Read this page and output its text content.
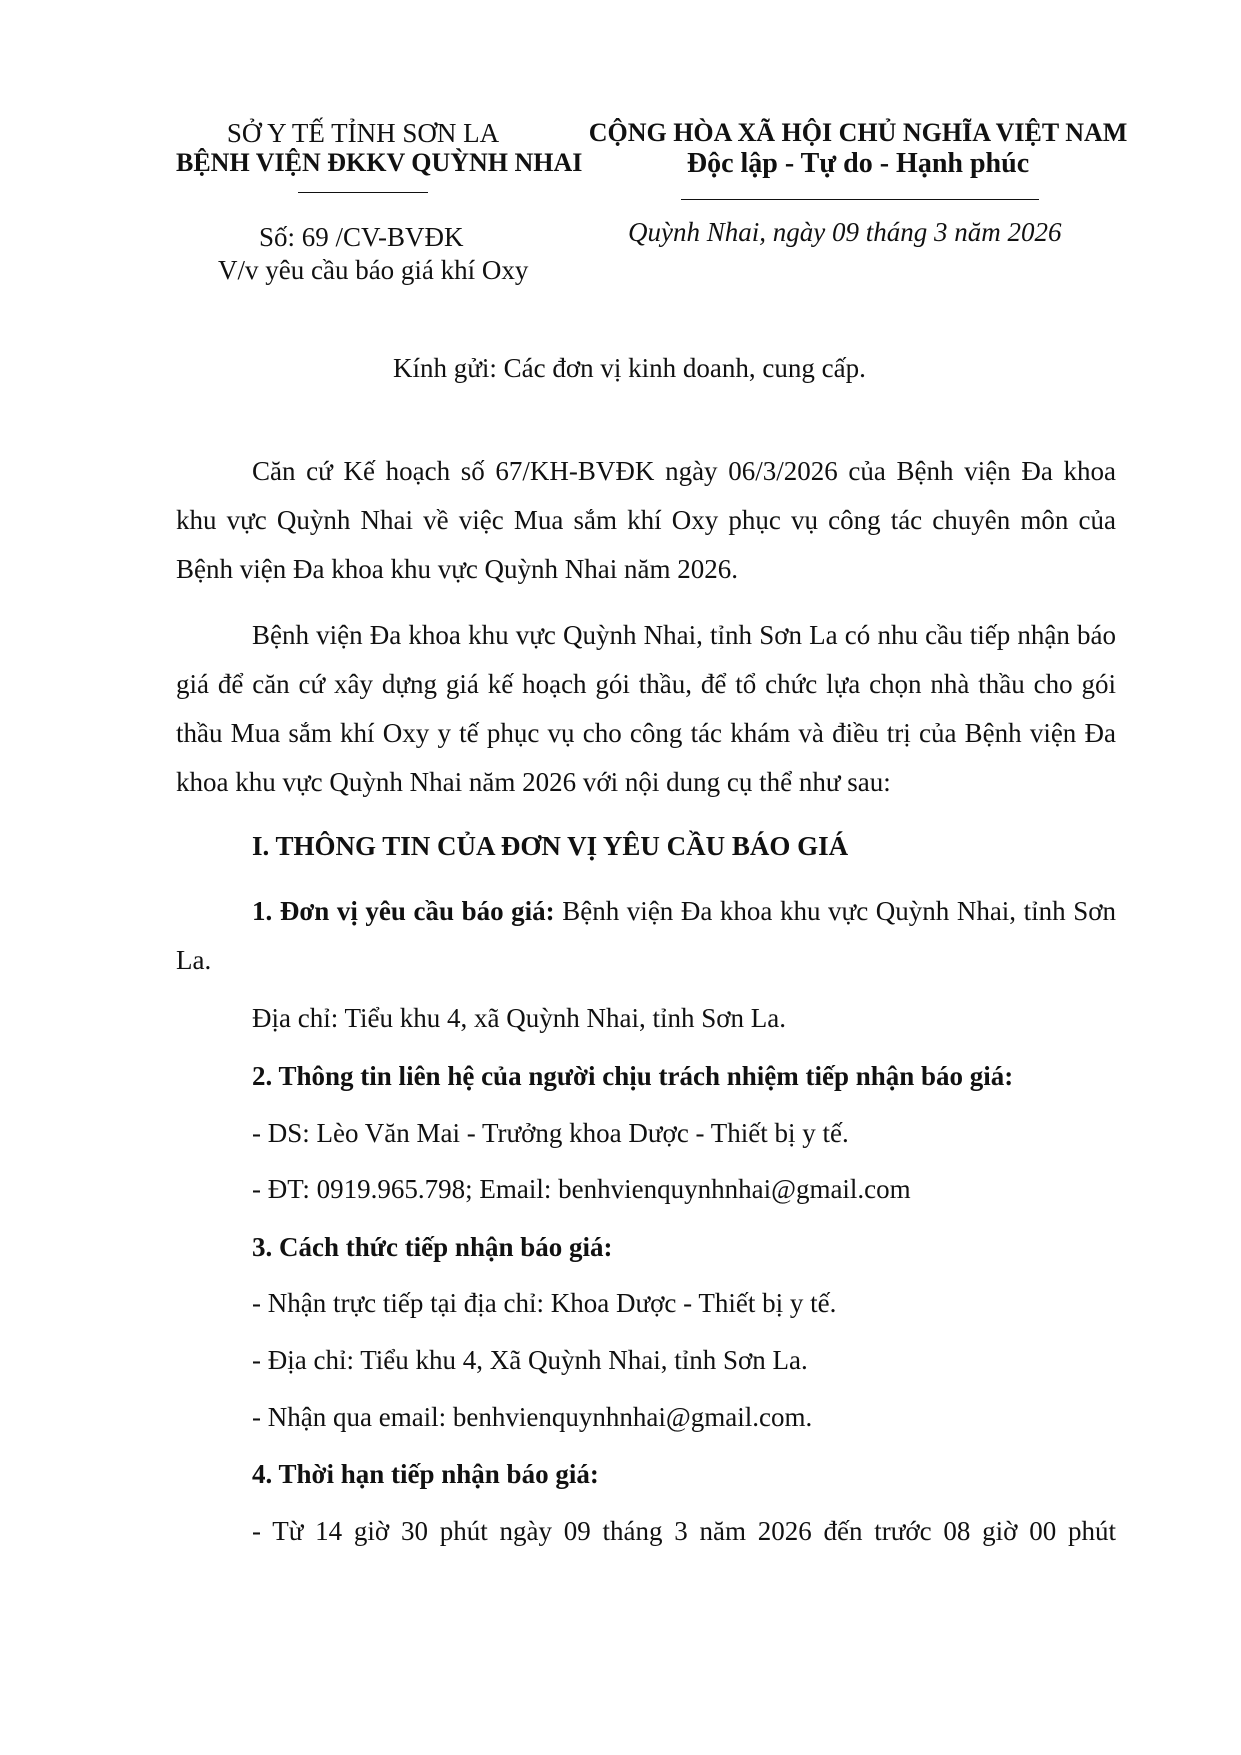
SỞ Y TẾ TỈNH SƠN LA
BỆNH VIỆN ĐKKV QUỲNH NHAI
Số: 69 /CV-BVĐK
V/v yêu cầu báo giá khí Oxy
CỘNG HÒA XÃ HỘI CHỦ NGHĨA VIỆT NAM
Độc lập - Tự do - Hạnh phúc
Quỳnh Nhai, ngày 09 tháng 3 năm 2026
Kính gửi: Các đơn vị kinh doanh, cung cấp.
Căn cứ Kế hoạch số 67/KH-BVĐK ngày 06/3/2026 của Bệnh viện Đa khoa khu vực Quỳnh Nhai về việc Mua sắm khí Oxy phục vụ công tác chuyên môn của Bệnh viện Đa khoa khu vực Quỳnh Nhai năm 2026.
Bệnh viện Đa khoa khu vực Quỳnh Nhai, tỉnh Sơn La có nhu cầu tiếp nhận báo giá để căn cứ xây dựng giá kế hoạch gói thầu, để tổ chức lựa chọn nhà thầu cho gói thầu Mua sắm khí Oxy y tế phục vụ cho công tác khám và điều trị của Bệnh viện Đa khoa khu vực Quỳnh Nhai năm 2026 với nội dung cụ thể như sau:
I. THÔNG TIN CỦA ĐƠN VỊ YÊU CẦU BÁO GIÁ
1. Đơn vị yêu cầu báo giá: Bệnh viện Đa khoa khu vực Quỳnh Nhai, tỉnh Sơn La.
Địa chỉ: Tiểu khu 4, xã Quỳnh Nhai, tỉnh Sơn La.
2. Thông tin liên hệ của người chịu trách nhiệm tiếp nhận báo giá:
- DS: Lèo Văn Mai - Trưởng khoa Dược - Thiết bị y tế.
- ĐT: 0919.965.798; Email: benhvienquynhnhai@gmail.com
3. Cách thức tiếp nhận báo giá:
- Nhận trực tiếp tại địa chỉ: Khoa Dược - Thiết bị y tế.
- Địa chỉ: Tiểu khu 4, Xã Quỳnh Nhai, tỉnh Sơn La.
- Nhận qua email: benhvienquynhnhai@gmail.com.
4. Thời hạn tiếp nhận báo giá:
- Từ 14 giờ 30 phút ngày 09 tháng 3 năm 2026 đến trước 08 giờ 00 phút
